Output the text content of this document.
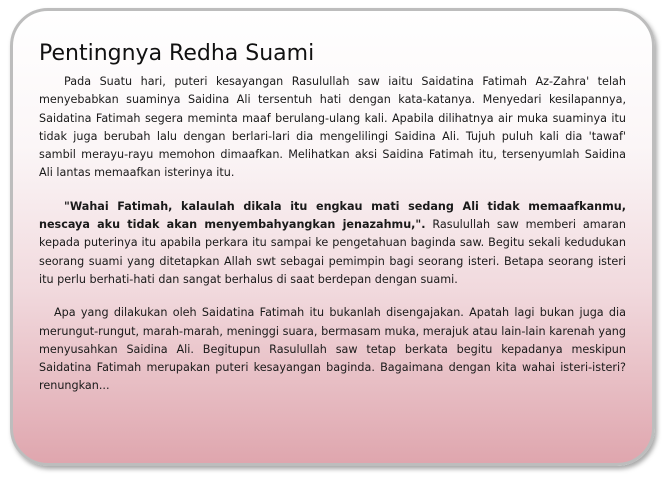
Pentingnya Redha Suami

Pada Suatu hari, puteri kesayangan Rasulullah saw iaitu Saidatina Fatimah Az-Zahra' telah menyebabkan suaminya Saidina Ali tersentuh hati dengan kata-katanya. Menyedari kesilapannya, Saidatina Fatimah segera meminta maaf berulang-ulang kali. Apabila dilihatnya air muka suaminya itu tidak juga berubah lalu dengan berlari-lari dia mengelilingi Saidina Ali. Tujuh puluh kali dia 'tawaf' sambil merayu-rayu memohon dimaafkan. Melihatkan aksi Saidina Fatimah itu, tersenyumlah Saidina Ali lantas memaafkan isterinya itu.

"Wahai Fatimah, kalaulah dikala itu engkau mati sedang Ali tidak memaafkanmu, nescaya aku tidak akan menyembahyangkan jenazahmu,". Rasulullah saw memberi amaran kepada puterinya itu apabila perkara itu sampai ke pengetahuan baginda saw. Begitu sekali kedudukan seorang suami yang ditetapkan Allah swt sebagai pemimpin bagi seorang isteri. Betapa seorang isteri itu perlu berhati-hati dan sangat berhalus di saat berdepan dengan suami.

Apa yang dilakukan oleh Saidatina Fatimah itu bukanlah disengajakan. Apatah lagi bukan juga dia merungut-rungut, marah-marah, meninggi suara, bermasam muka, merajuk atau lain-lain karenah yang menyusahkan Saidina Ali. Begitupun Rasulullah saw tetap berkata begitu kepadanya meskipun Saidatina Fatimah merupakan puteri kesayangan baginda. Bagaimana dengan kita wahai isteri-isteri? renungkan...
